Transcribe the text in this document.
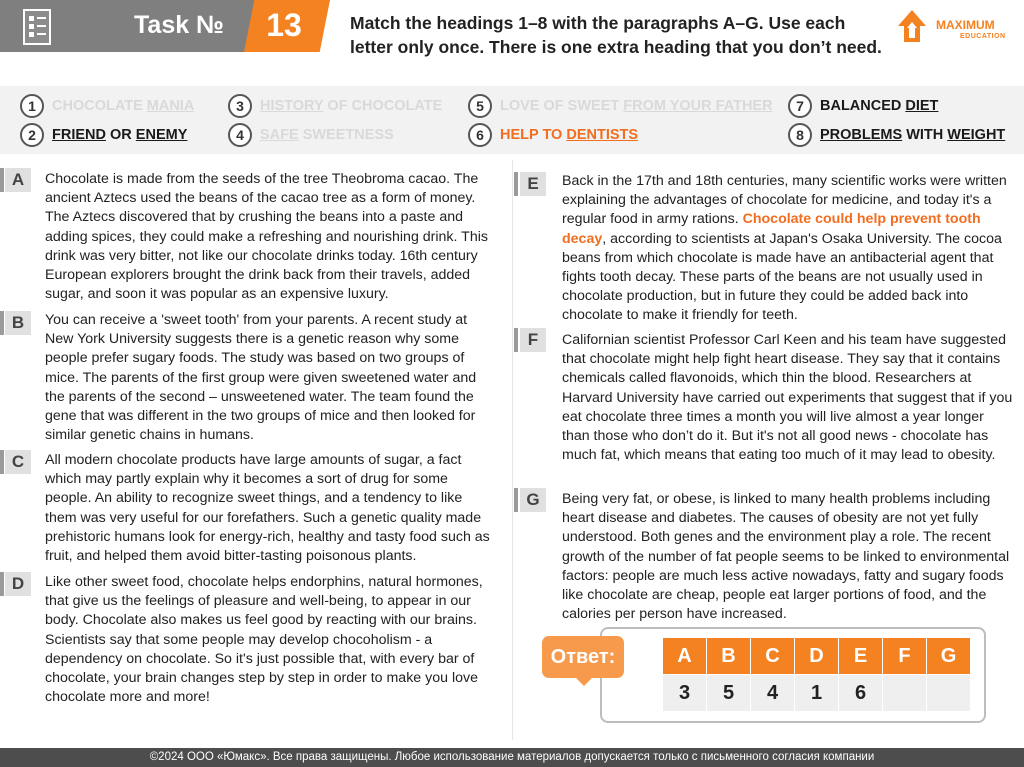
Task №	13	Match the headings 1–8 with the paragraphs A–G. Use each
letter only once. There is one extra heading that you don’t need.
MAXIMUM
EDUCATION
1	CHOCOLATE MANIA
2	FRIEND OR ENEMY
3	HISTORY OF CHOCOLATE
4	SAFE SWEETNESS
5	LOVE OF SWEET FROM YOUR FATHER
6	HELP TO DENTISTS
7	BALANCED DIET
8	PROBLEMS WITH WEIGHT
A	Chocolate is made from the seeds of the tree Theobroma cacao. The ancient Aztecs used the beans of the cacao tree as a form of money. The Aztecs discovered that by crushing the beans into a paste and adding spices, they could make a refreshing and nourishing drink. This drink was very bitter, not like our chocolate drinks today. 16th century European explorers brought the drink back from their travels, added sugar, and soon it was popular as an expensive luxury.
B	You can receive a 'sweet tooth' from your parents. A recent study at New York University suggests there is a genetic reason why some people prefer sugary foods. The study was based on two groups of mice. The parents of the first group were given sweetened water and the parents of the second – unsweetened water. The team found the gene that was different in the two groups of mice and then looked for similar genetic chains in humans.
C	All modern chocolate products have large amounts of sugar, a fact which may partly explain why it becomes a sort of drug for some people. An ability to recognize sweet things, and a tendency to like them was very useful for our forefathers. Such a genetic quality made prehistoric humans look for energy-rich, healthy and tasty food such as fruit, and helped them avoid bitter-tasting poisonous plants.
D	Like other sweet food, chocolate helps endorphins, natural hormones, that give us the feelings of pleasure and well-being, to appear in our body. Chocolate also makes us feel good by reacting with our brains. Scientists say that some people may develop chocoholism - a dependency on chocolate. So it's just possible that, with every bar of chocolate, your brain changes step by step in order to make you love chocolate more and more!
E	Back in the 17th and 18th centuries, many scientific works were written explaining the advantages of chocolate for medicine, and today it's a regular food in army rations. Chocolate could help prevent tooth decay, according to scientists at Japan's Osaka University. The cocoa beans from which chocolate is made have an antibacterial agent that fights tooth decay. These parts of the beans are not usually used in chocolate production, but in future they could be added back into chocolate to make it friendly for teeth.
F	Californian scientist Professor Carl Keen and his team have suggested that chocolate might help fight heart disease. They say that it contains chemicals called flavonoids, which thin the blood. Researchers at Harvard University have carried out experiments that suggest that if you eat chocolate three times a month you will live almost a year longer than those who don’t do it. But it's not all good news - chocolate has much fat, which means that eating too much of it may lead to obesity.
G	Being very fat, or obese, is linked to many health problems including heart disease and diabetes. The causes of obesity are not yet fully understood. Both genes and the environment play a role. The recent growth of the number of fat people seems to be linked to environmental factors: people are much less active nowadays, fatty and sugary foods like chocolate are cheap, people eat larger portions of food, and the calories per person have increased.
Ответ:	A	B	C	D	E	F	G
3	5	4	1	6		
©2024 ООО «Юмакс». Все права защищены. Любое использование материалов допускается только с письменного согласия компании
